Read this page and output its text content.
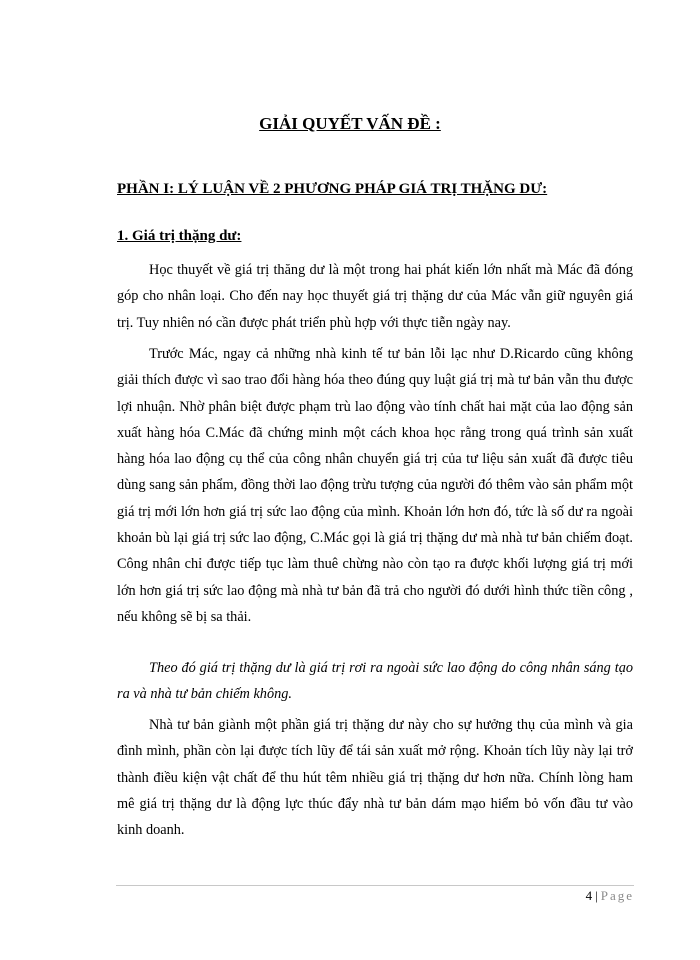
GIẢI QUYẾT VẤN ĐỀ :
PHẦN I: LÝ LUẬN VỀ 2 PHƯƠNG PHÁP GIÁ TRỊ THẶNG DƯ:
1. Giá trị thặng dư:

Học thuyết về giá trị thăng dư là một trong hai phát kiến lớn nhất mà Mác đã đóng góp cho nhân loại. Cho đến nay học thuyết giá trị thặng dư của Mác vẫn giữ nguyên giá trị. Tuy nhiên nó cần được phát triển phù hợp với thực tiễn ngày nay.

Trước Mác, ngay cả những nhà kinh tế tư bản lỗi lạc như D.Ricardo cũng không giải thích được vì sao trao đổi hàng hóa theo đúng quy luật giá trị mà tư bản vẫn thu được lợi nhuận. Nhờ phân biệt được phạm trù lao động vào tính chất hai mặt của lao động sản xuất hàng hóa C.Mác đã chứng minh một cách khoa học rằng trong quá trình sản xuất hàng hóa lao động cụ thể của công nhân chuyển giá trị của tư liệu sản xuất đã được tiêu dùng sang sản phẩm, đồng thời lao động trừu tượng của người đó thêm vào sản phẩm một giá trị mới lớn hơn giá trị sức lao động của mình. Khoản lớn hơn đó, tức là số dư ra ngoài khoản bù lại giá trị sức lao động, C.Mác gọi là giá trị thặng dư mà nhà tư bản chiếm đoạt. Công nhân chỉ được tiếp tục làm thuê chừng nào còn tạo ra được khối lượng giá trị mới lớn hơn giá trị sức lao động mà nhà tư bản đã trả cho người đó dưới hình thức tiền công , nếu không sẽ bị sa thải.

Theo đó giá trị thặng dư là giá trị rơi ra ngoài sức lao động do công nhân sáng tạo ra và nhà tư bản chiếm không.

Nhà tư bản giành một phần giá trị thặng dư này cho sự hưởng thụ của mình và gia đình mình, phần còn lại được tích lũy để tái sản xuất mở rộng. Khoản tích lũy này lại trở thành điều kiện vật chất để thu hút têm nhiều giá trị thặng dư hơn nữa. Chính lòng ham mê giá trị thặng dư là động lực thúc đẩy nhà tư bản dám mạo hiểm bỏ vốn đầu tư vào kinh doanh.

4 | Page
